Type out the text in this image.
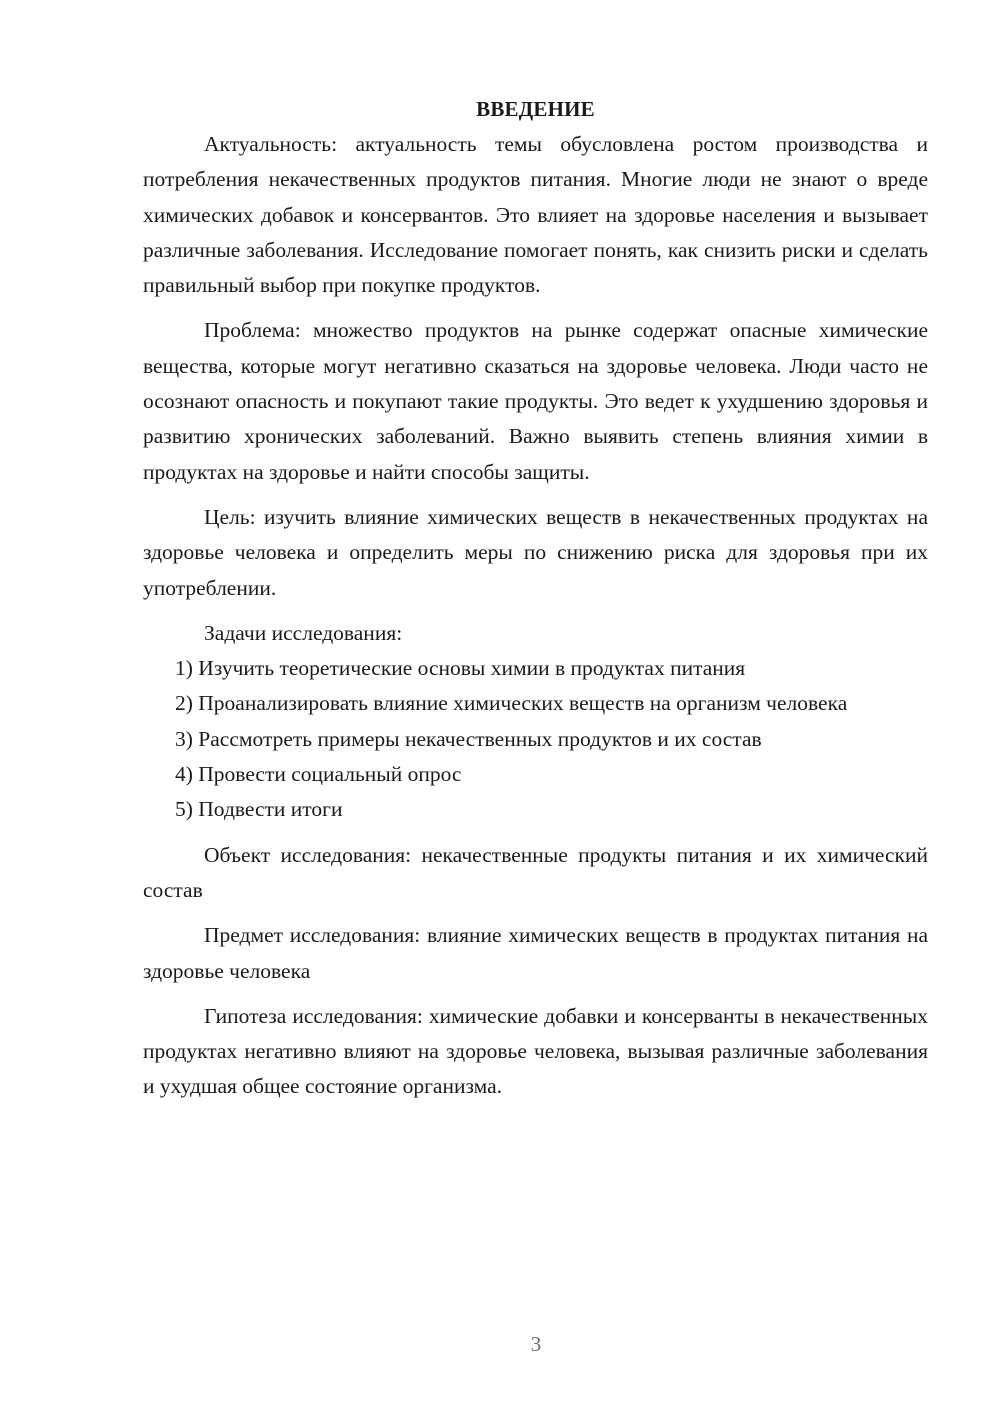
ВВЕДЕНИЕ

Актуальность: актуальность темы обусловлена ростом производства и потребления некачественных продуктов питания. Многие люди не знают о вреде химических добавок и консервантов. Это влияет на здоровье населения и вызывает различные заболевания. Исследование помогает понять, как снизить риски и сделать правильный выбор при покупке продуктов.

Проблема: множество продуктов на рынке содержат опасные химические вещества, которые могут негативно сказаться на здоровье человека. Люди часто не осознают опасность и покупают такие продукты. Это ведет к ухудшению здоровья и развитию хронических заболеваний. Важно выявить степень влияния химии в продуктах на здоровье и найти способы защиты.

Цель: изучить влияние химических веществ в некачественных продуктах на здоровье человека и определить меры по снижению риска для здоровья при их употреблении.

Задачи исследования:

1) Изучить теоретические основы химии в продуктах питания

2) Проанализировать влияние химических веществ на организм человека

3) Рассмотреть примеры некачественных продуктов и их состав

4) Провести социальный опрос

5) Подвести итоги

Объект исследования: некачественные продукты питания и их химический состав

Предмет исследования: влияние химических веществ в продуктах питания на здоровье человека

Гипотеза исследования: химические добавки и консерванты в некачественных продуктах негативно влияют на здоровье человека, вызывая различные заболевания и ухудшая общее состояние организма.

3
